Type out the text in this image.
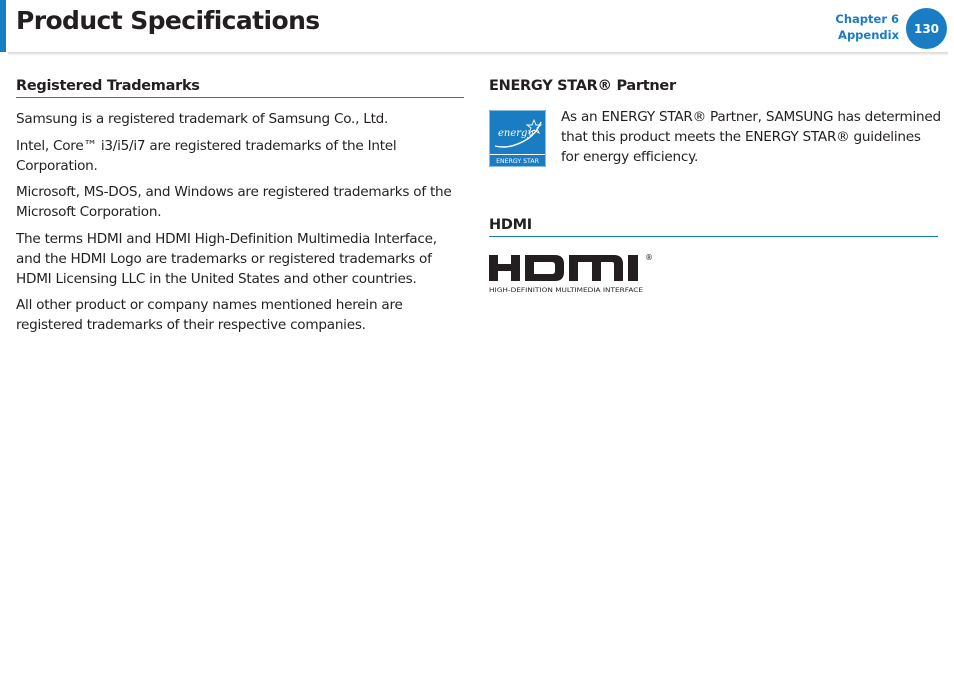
Product Specifications	Chapter 6
Appendix	130
Registered Trademarks

Samsung is a registered trademark of Samsung Co., Ltd.

Intel, Core™ i3/i5/i7 are registered trademarks of the Intel Corporation.

Microsoft, MS-DOS, and Windows are registered trademarks of the Microsoft Corporation.

The terms HDMI and HDMI High-Definition Multimedia Interface, and the HDMI Logo are trademarks or registered trademarks of HDMI Licensing LLC in the United States and other countries.

All other product or company names mentioned herein are registered trademarks of their respective companies.

ENERGY STAR® Partner
energy
ENERGY STAR

As an ENERGY STAR® Partner, SAMSUNG has determined that this product meets the ENERGY STAR® guidelines for energy efficiency.

HDMI
®
HIGH-DEFINITION MULTIMEDIA INTERFACE
